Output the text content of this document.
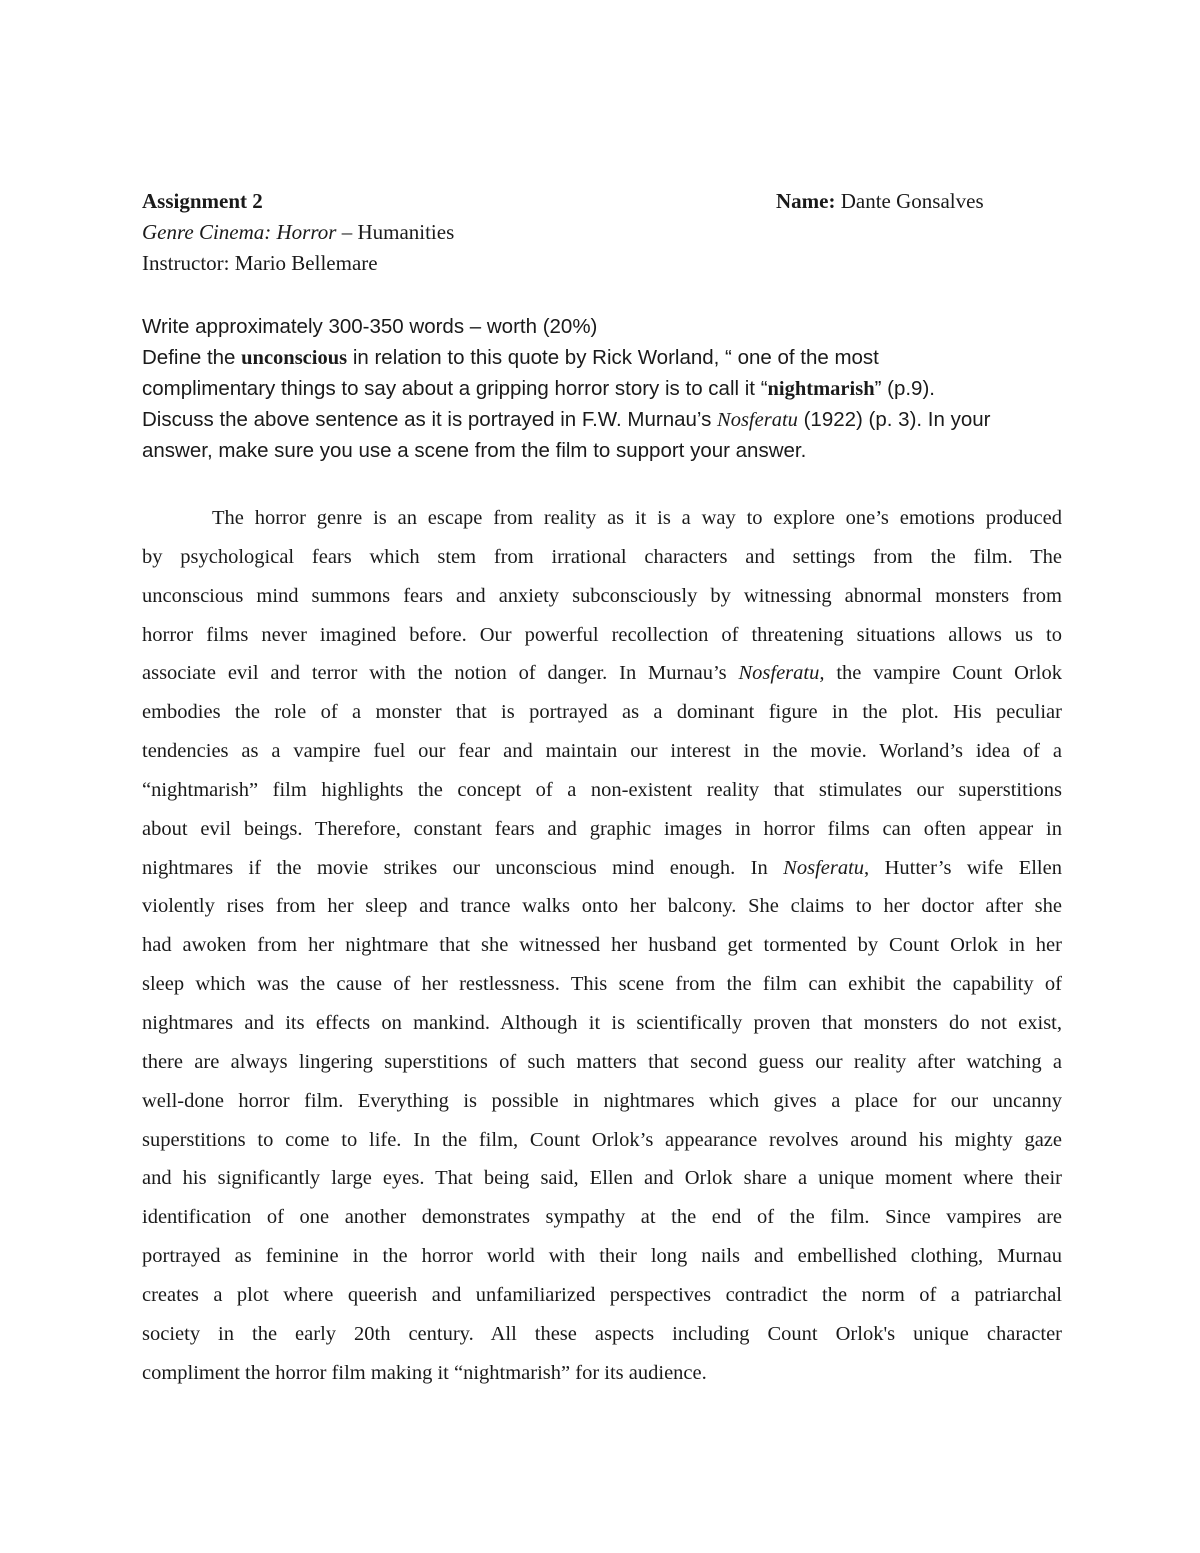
Assignment 2	Name: Dante Gonsalves
Genre Cinema: Horror – Humanities
Instructor: Mario Bellemare
Write approximately 300-350 words – worth (20%)
Define the unconscious in relation to this quote by Rick Worland, “ one of the most
complimentary things to say about a gripping horror story is to call it “nightmarish” (p.9).
Discuss the above sentence as it is portrayed in F.W. Murnau’s Nosferatu (1922) (p. 3). In your
answer, make sure you use a scene from the film to support your answer.
The horror genre is an escape from reality as it is a way to explore one’s emotions produced
by psychological fears which stem from irrational characters and settings from the film. The
unconscious mind summons fears and anxiety subconsciously by witnessing abnormal monsters from
horror films never imagined before. Our powerful recollection of threatening situations allows us to
associate evil and terror with the notion of danger. In Murnau’s Nosferatu, the vampire Count Orlok
embodies the role of a monster that is portrayed as a dominant figure in the plot. His peculiar
tendencies as a vampire fuel our fear and maintain our interest in the movie. Worland’s idea of a
“nightmarish” film highlights the concept of a non-existent reality that stimulates our superstitions
about evil beings. Therefore, constant fears and graphic images in horror films can often appear in
nightmares if the movie strikes our unconscious mind enough. In Nosferatu, Hutter’s wife Ellen
violently rises from her sleep and trance walks onto her balcony. She claims to her doctor after she
had awoken from her nightmare that she witnessed her husband get tormented by Count Orlok in her
sleep which was the cause of her restlessness. This scene from the film can exhibit the capability of
nightmares and its effects on mankind. Although it is scientifically proven that monsters do not exist,
there are always lingering superstitions of such matters that second guess our reality after watching a
well-done horror film. Everything is possible in nightmares which gives a place for our uncanny
superstitions to come to life. In the film, Count Orlok’s appearance revolves around his mighty gaze
and his significantly large eyes. That being said, Ellen and Orlok share a unique moment where their
identification of one another demonstrates sympathy at the end of the film. Since vampires are
portrayed as feminine in the horror world with their long nails and embellished clothing, Murnau
creates a plot where queerish and unfamiliarized perspectives contradict the norm of a patriarchal
society in the early 20th century. All these aspects including Count Orlok's unique character
compliment the horror film making it “nightmarish” for its audience.
